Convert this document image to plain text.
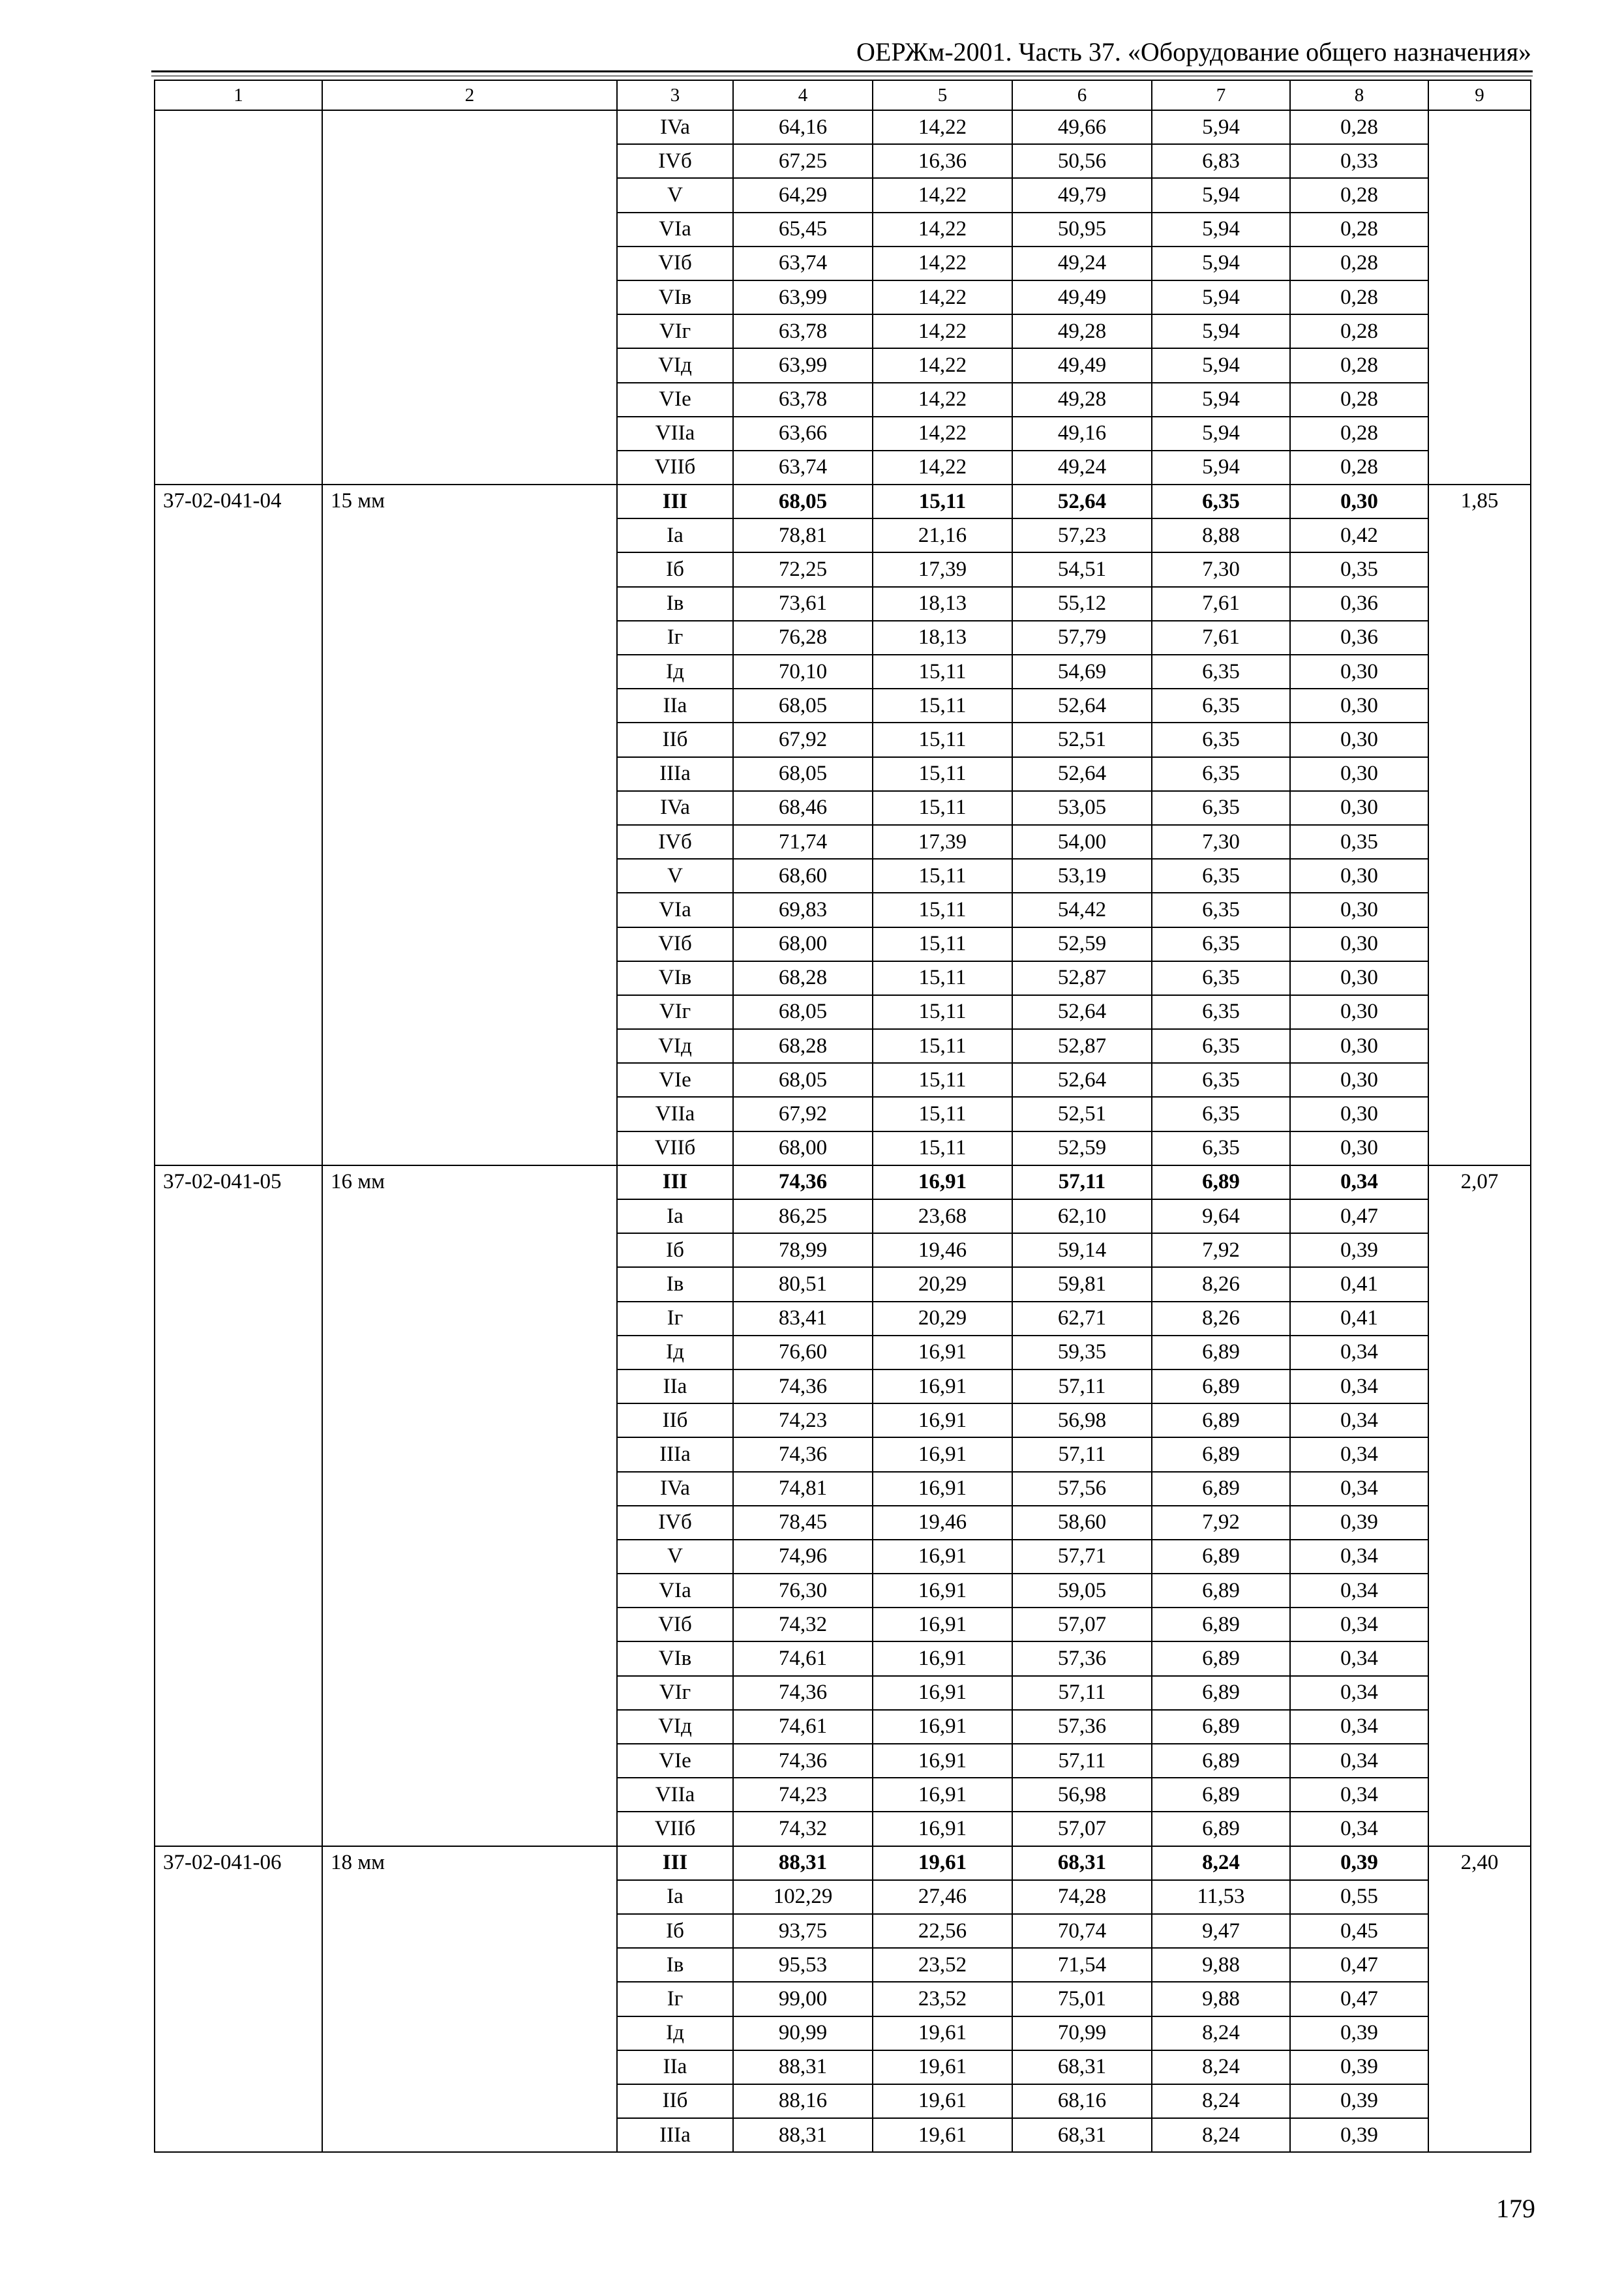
ОЕРЖм-2001. Часть 37. «Оборудование общего назначения»
1	2	3	4	5	6	7	8	9
		IVa	64,16	14,22	49,66	5,94	0,28	
		IVб	67,25	16,36	50,56	6,83	0,33	
		V	64,29	14,22	49,79	5,94	0,28	
		VIa	65,45	14,22	50,95	5,94	0,28	
		VIб	63,74	14,22	49,24	5,94	0,28	
		VIв	63,99	14,22	49,49	5,94	0,28	
		VIг	63,78	14,22	49,28	5,94	0,28	
		VIд	63,99	14,22	49,49	5,94	0,28	
		VIe	63,78	14,22	49,28	5,94	0,28	
		VIIa	63,66	14,22	49,16	5,94	0,28	
		VIIб	63,74	14,22	49,24	5,94	0,28	
37-02-041-04	15 мм	III	68,05	15,11	52,64	6,35	0,30	1,85
		Ia	78,81	21,16	57,23	8,88	0,42	
		Iб	72,25	17,39	54,51	7,30	0,35	
		Iв	73,61	18,13	55,12	7,61	0,36	
		Iг	76,28	18,13	57,79	7,61	0,36	
		Iд	70,10	15,11	54,69	6,35	0,30	
		IIa	68,05	15,11	52,64	6,35	0,30	
		IIб	67,92	15,11	52,51	6,35	0,30	
		IIIa	68,05	15,11	52,64	6,35	0,30	
		IVa	68,46	15,11	53,05	6,35	0,30	
		IVб	71,74	17,39	54,00	7,30	0,35	
		V	68,60	15,11	53,19	6,35	0,30	
		VIa	69,83	15,11	54,42	6,35	0,30	
		VIб	68,00	15,11	52,59	6,35	0,30	
		VIв	68,28	15,11	52,87	6,35	0,30	
		VIг	68,05	15,11	52,64	6,35	0,30	
		VIд	68,28	15,11	52,87	6,35	0,30	
		VIe	68,05	15,11	52,64	6,35	0,30	
		VIIa	67,92	15,11	52,51	6,35	0,30	
		VIIб	68,00	15,11	52,59	6,35	0,30	
37-02-041-05	16 мм	III	74,36	16,91	57,11	6,89	0,34	2,07
		Ia	86,25	23,68	62,10	9,64	0,47	
		Iб	78,99	19,46	59,14	7,92	0,39	
		Iв	80,51	20,29	59,81	8,26	0,41	
		Iг	83,41	20,29	62,71	8,26	0,41	
		Iд	76,60	16,91	59,35	6,89	0,34	
		IIa	74,36	16,91	57,11	6,89	0,34	
		IIб	74,23	16,91	56,98	6,89	0,34	
		IIIa	74,36	16,91	57,11	6,89	0,34	
		IVa	74,81	16,91	57,56	6,89	0,34	
		IVб	78,45	19,46	58,60	7,92	0,39	
		V	74,96	16,91	57,71	6,89	0,34	
		VIa	76,30	16,91	59,05	6,89	0,34	
		VIб	74,32	16,91	57,07	6,89	0,34	
		VIв	74,61	16,91	57,36	6,89	0,34	
		VIг	74,36	16,91	57,11	6,89	0,34	
		VIд	74,61	16,91	57,36	6,89	0,34	
		VIe	74,36	16,91	57,11	6,89	0,34	
		VIIa	74,23	16,91	56,98	6,89	0,34	
		VIIб	74,32	16,91	57,07	6,89	0,34	
37-02-041-06	18 мм	III	88,31	19,61	68,31	8,24	0,39	2,40
		Ia	102,29	27,46	74,28	11,53	0,55	
		Iб	93,75	22,56	70,74	9,47	0,45	
		Iв	95,53	23,52	71,54	9,88	0,47	
		Iг	99,00	23,52	75,01	9,88	0,47	
		Iд	90,99	19,61	70,99	8,24	0,39	
		IIa	88,31	19,61	68,31	8,24	0,39	
		IIб	88,16	19,61	68,16	8,24	0,39	
		IIIa	88,31	19,61	68,31	8,24	0,39	
179
